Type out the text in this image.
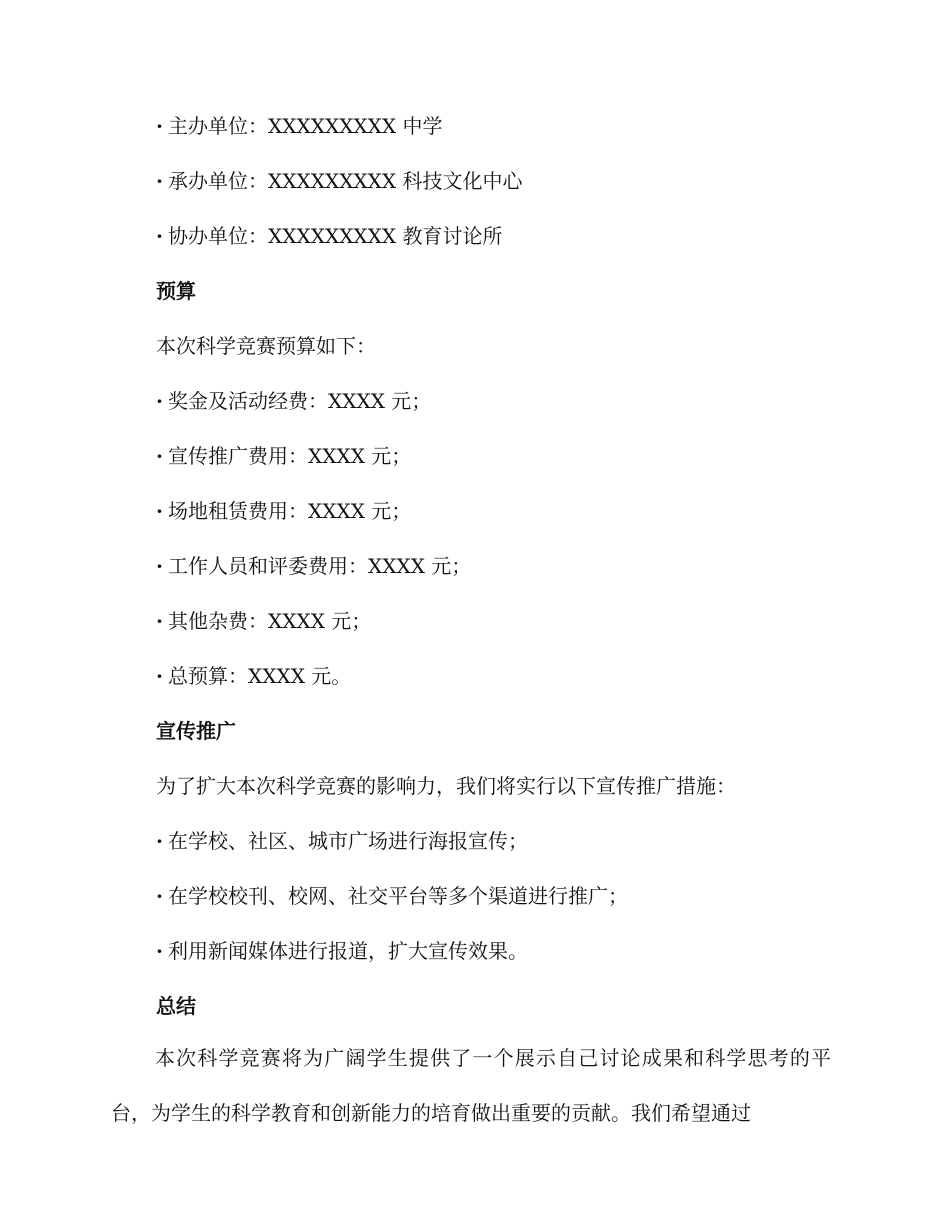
· 主办单位：XXXXXXXXX 中学
· 承办单位：XXXXXXXXX 科技文化中心
· 协办单位：XXXXXXXXX 教育讨论所
预算
本次科学竞赛预算如下：
· 奖金及活动经费：XXXX 元；
· 宣传推广费用：XXXX 元；
· 场地租赁费用：XXXX 元；
· 工作人员和评委费用：XXXX 元；
· 其他杂费：XXXX 元；
· 总预算：XXXX 元。
宣传推广
为了扩大本次科学竞赛的影响力，我们将实行以下宣传推广措施：
· 在学校、社区、城市广场进行海报宣传；
· 在学校校刊、校网、社交平台等多个渠道进行推广；
· 利用新闻媒体进行报道，扩大宣传效果。
总结
本次科学竞赛将为广阔学生提供了一个展示自己讨论成果和科学思考的平台，为学生的科学教育和创新能力的培育做出重要的贡献。我们希望通过
